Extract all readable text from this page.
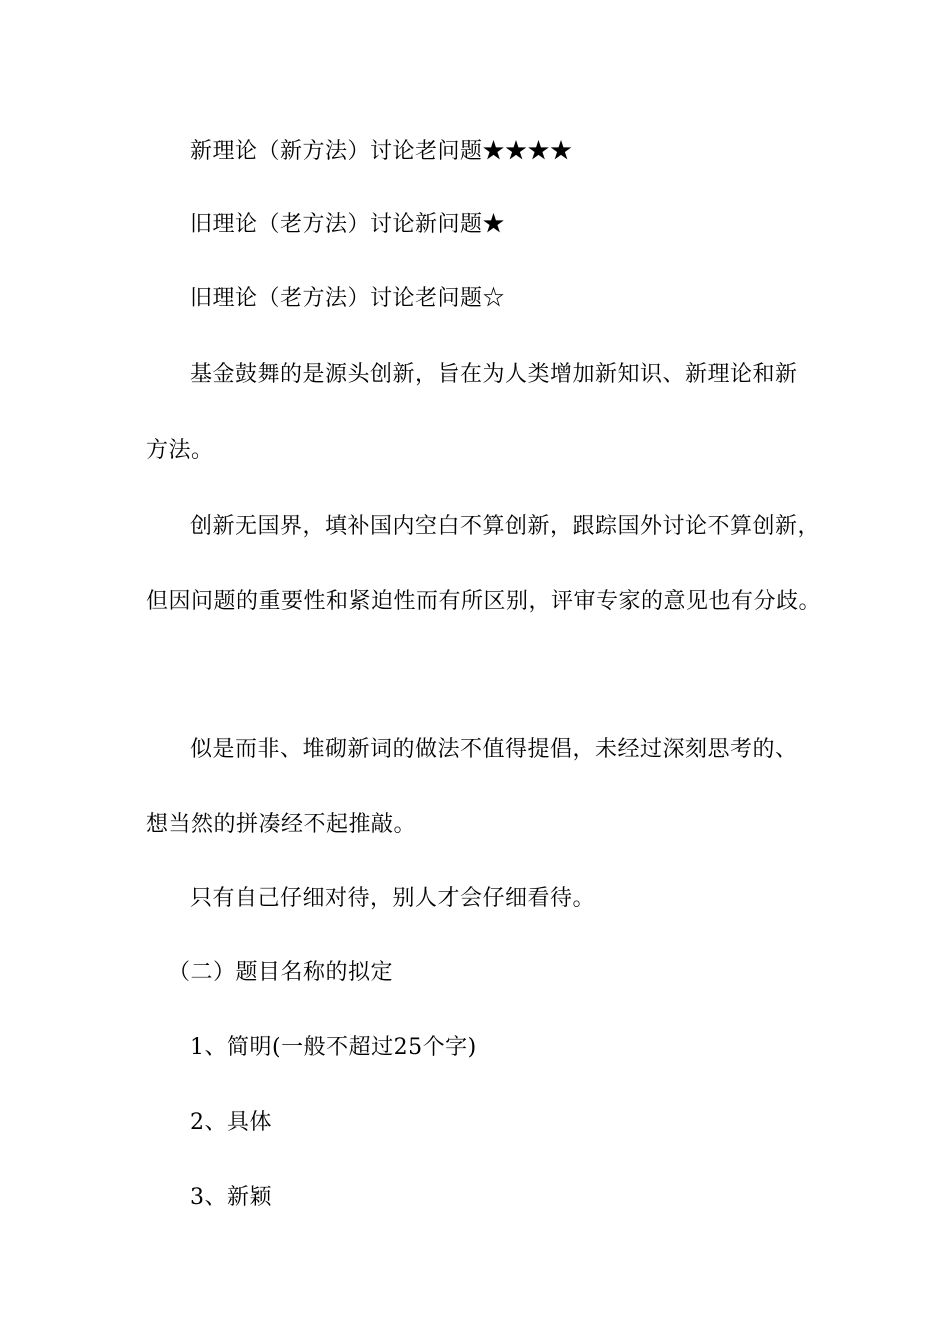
新理论（新方法）讨论老问题★★★★
旧理论（老方法）讨论新问题★
旧理论（老方法）讨论老问题☆
基金鼓舞的是源头创新，旨在为人类增加新知识、新理论和新
方法。
创新无国界，填补国内空白不算创新，跟踪国外讨论不算创新，
但因问题的重要性和紧迫性而有所区别，评审专家的意见也有分歧。
似是而非、堆砌新词的做法不值得提倡，未经过深刻思考的、
想当然的拼凑经不起推敲。
只有自己仔细对待，别人才会仔细看待。
（二）题目名称的拟定
1、简明(一般不超过25个字)
2、具体
3、新颖
